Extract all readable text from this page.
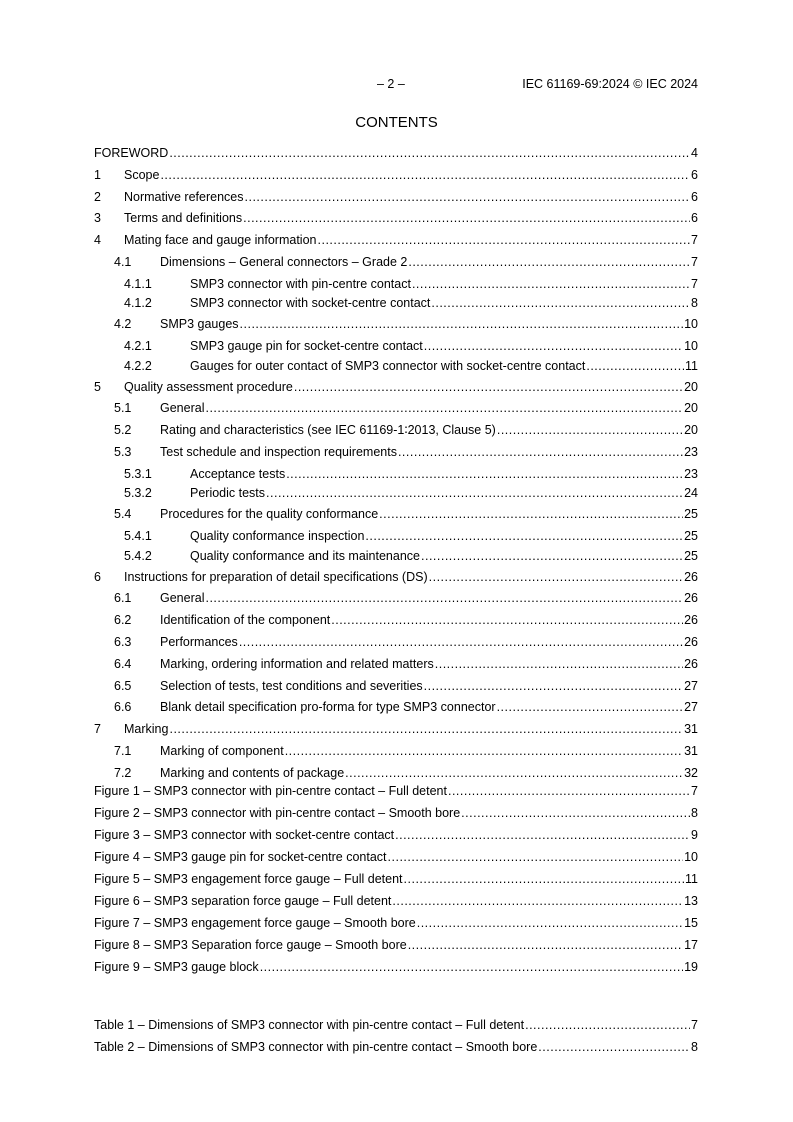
– 2 –	IEC 61169-69:2024 © IEC 2024
CONTENTS
FOREWORD .....	4
1	Scope .....	6
2	Normative references .....	6
3	Terms and definitions .....	6
4	Mating face and gauge information .....	7
4.1	Dimensions – General connectors – Grade 2 .....	7
4.1.1	SMP3 connector with pin-centre contact .....	7
4.1.2	SMP3 connector with socket-centre contact .....	8
4.2	SMP3 gauges .....	10
4.2.1	SMP3 gauge pin for socket-centre contact .....	10
4.2.2	Gauges for outer contact of SMP3 connector with socket-centre contact .....	11
5	Quality assessment procedure .....	20
5.1	General .....	20
5.2	Rating and characteristics (see IEC 61169-1∶2013, Clause 5) .....	20
5.3	Test schedule and inspection requirements .....	23
5.3.1	Acceptance tests .....	23
5.3.2	Periodic tests .....	24
5.4	Procedures for the quality conformance .....	25
5.4.1	Quality conformance inspection .....	25
5.4.2	Quality conformance and its maintenance .....	25
6	Instructions for preparation of detail specifications (DS) .....	26
6.1	General .....	26
6.2	Identification of the component .....	26
6.3	Performances .....	26
6.4	Marking, ordering information and related matters .....	26
6.5	Selection of tests, test conditions and severities .....	27
6.6	Blank detail specification pro-forma for type SMP3 connector .....	27
7	Marking .....	31
7.1	Marking of component .....	31
7.2	Marking and contents of package .....	32
Figure 1 – SMP3 connector with pin-centre contact – Full detent .....	7
Figure 2 – SMP3 connector with pin-centre contact – Smooth bore .....	8
Figure 3 – SMP3 connector with socket-centre contact .....	9
Figure 4 – SMP3 gauge pin for socket-centre contact .....	10
Figure 5 – SMP3 engagement force gauge – Full detent .....	11
Figure 6 – SMP3 separation force gauge – Full detent .....	13
Figure 7 – SMP3 engagement force gauge – Smooth bore .....	15
Figure 8 – SMP3 Separation force gauge – Smooth bore .....	17
Figure 9 – SMP3 gauge block .....	19
Table 1 – Dimensions of SMP3 connector with pin-centre contact – Full detent .....	7
Table 2 – Dimensions of SMP3 connector with pin-centre contact – Smooth bore .....	8
